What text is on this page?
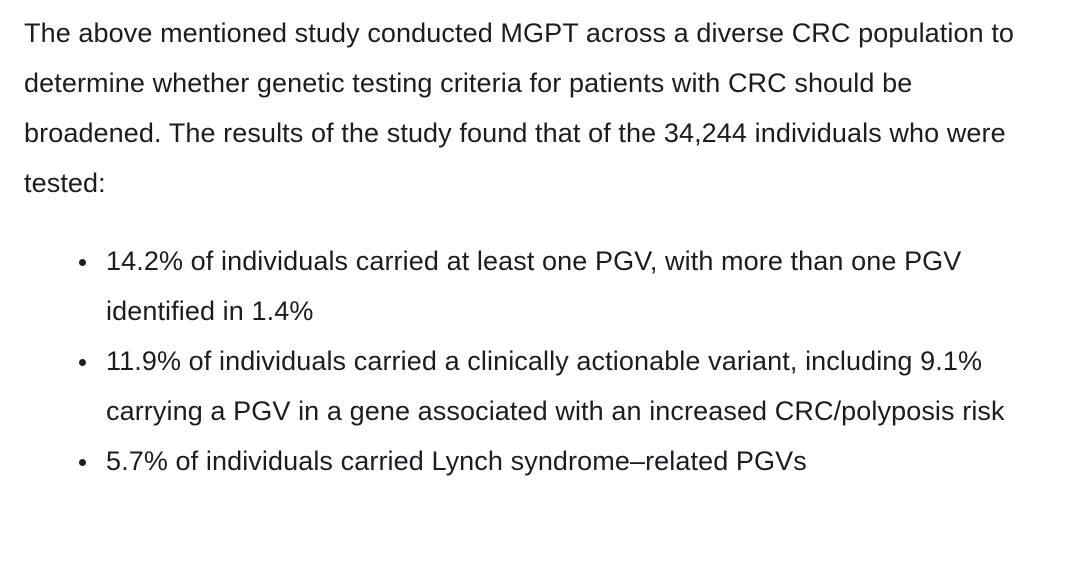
The above mentioned study conducted MGPT across a diverse CRC population to determine whether genetic testing criteria for patients with CRC should be broadened. The results of the study found that of the 34,244 individuals who were tested:

• 14.2% of individuals carried at least one PGV, with more than one PGV identified in 1.4%
• 11.9% of individuals carried a clinically actionable variant, including 9.1% carrying a PGV in a gene associated with an increased CRC/polyposis risk
• 5.7% of individuals carried Lynch syndrome–related PGVs
